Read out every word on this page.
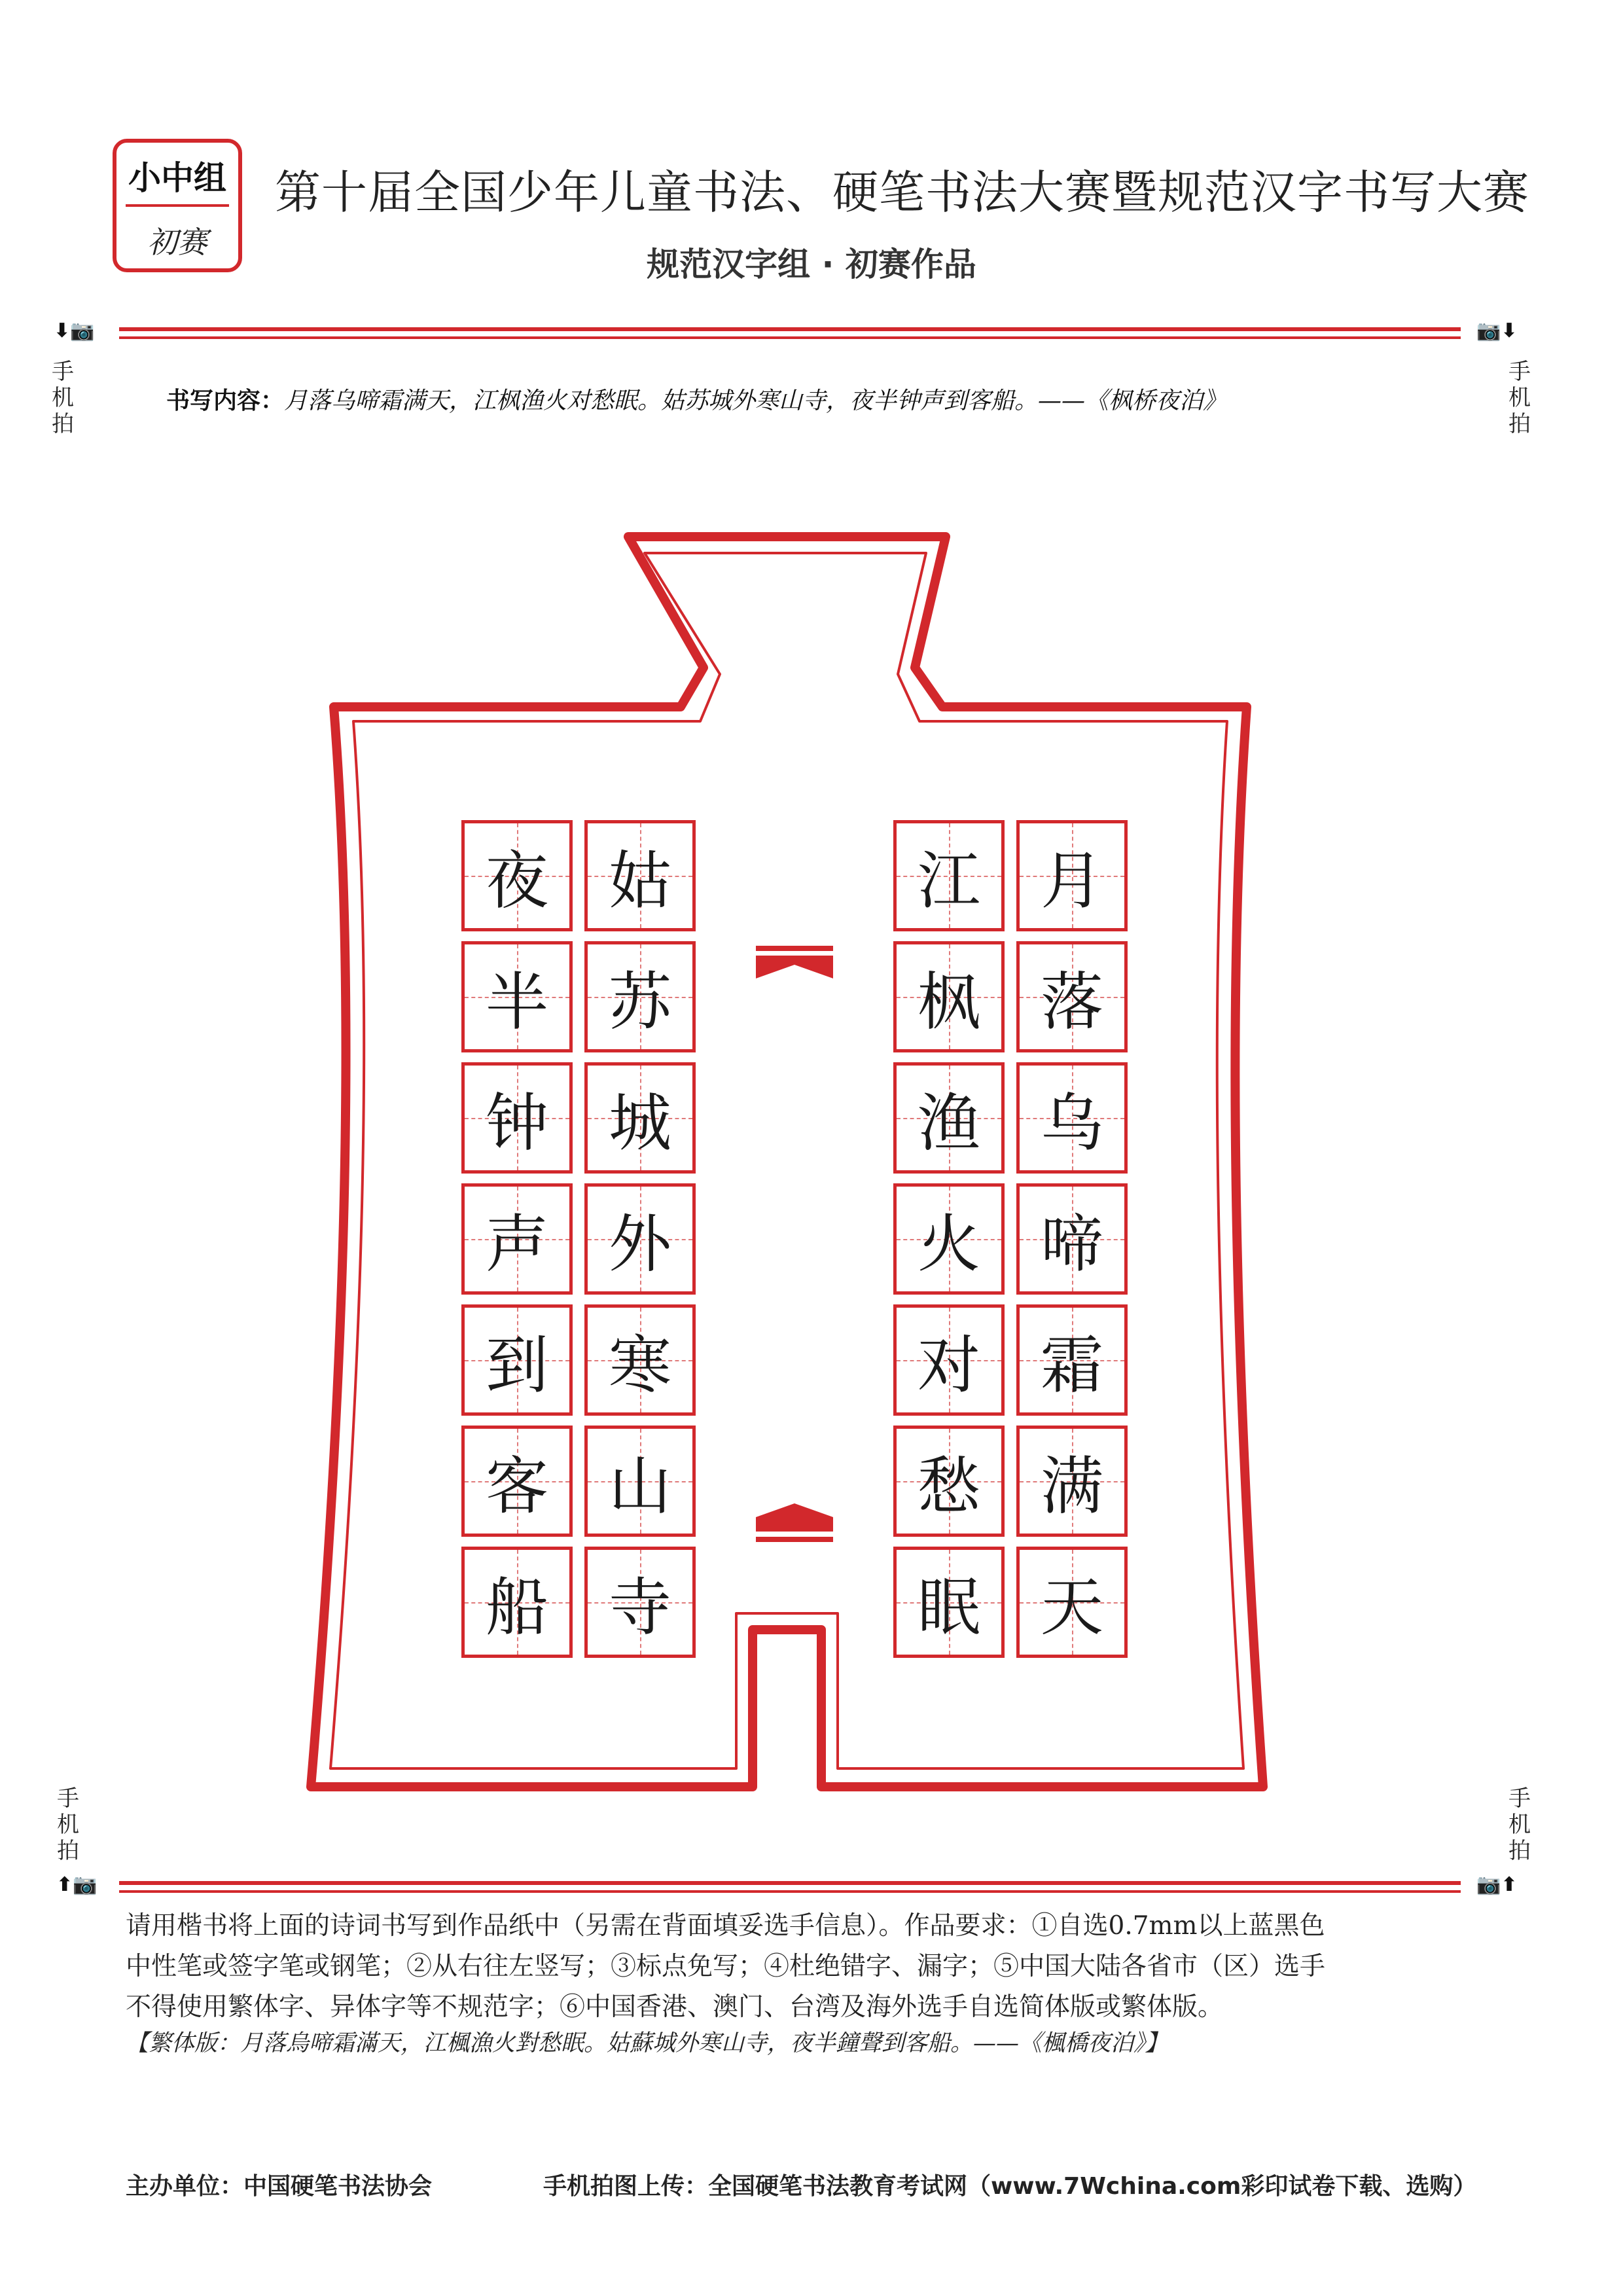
小中组
初赛
第十届全国少年儿童书法、硬笔书法大赛暨规范汉字书写大赛
规范汉字组 · 初赛作品
⬇📷	📷⬇
手机拍
手机拍
书写内容：月落乌啼霜满天，江枫渔火对愁眠。姑苏城外寒山寺，夜半钟声到客船。——《枫桥夜泊》
月
落
乌
啼
霜
满
天
江
枫
渔
火
对
愁
眠
姑
苏
城
外
寒
山
寺
夜
半
钟
声
到
客
船
手机拍
手机拍
⬆📷	📷⬆
请用楷书将上面的诗词书写到作品纸中（另需在背面填妥选手信息）。作品要求：①自选0.7mm以上蓝黑色
中性笔或签字笔或钢笔；②从右往左竖写；③标点免写；④杜绝错字、漏字；⑤中国大陆各省市（区）选手
不得使用繁体字、异体字等不规范字；⑥中国香港、澳门、台湾及海外选手自选简体版或繁体版。
【繁体版：月落烏啼霜滿天，江楓漁火對愁眠。姑蘇城外寒山寺，夜半鐘聲到客船。——《楓橋夜泊》】
主办单位：中国硬笔书法协会	手机拍图上传：全国硬笔书法教育考试网（www.7Wchina.com彩印试卷下载、选购）
